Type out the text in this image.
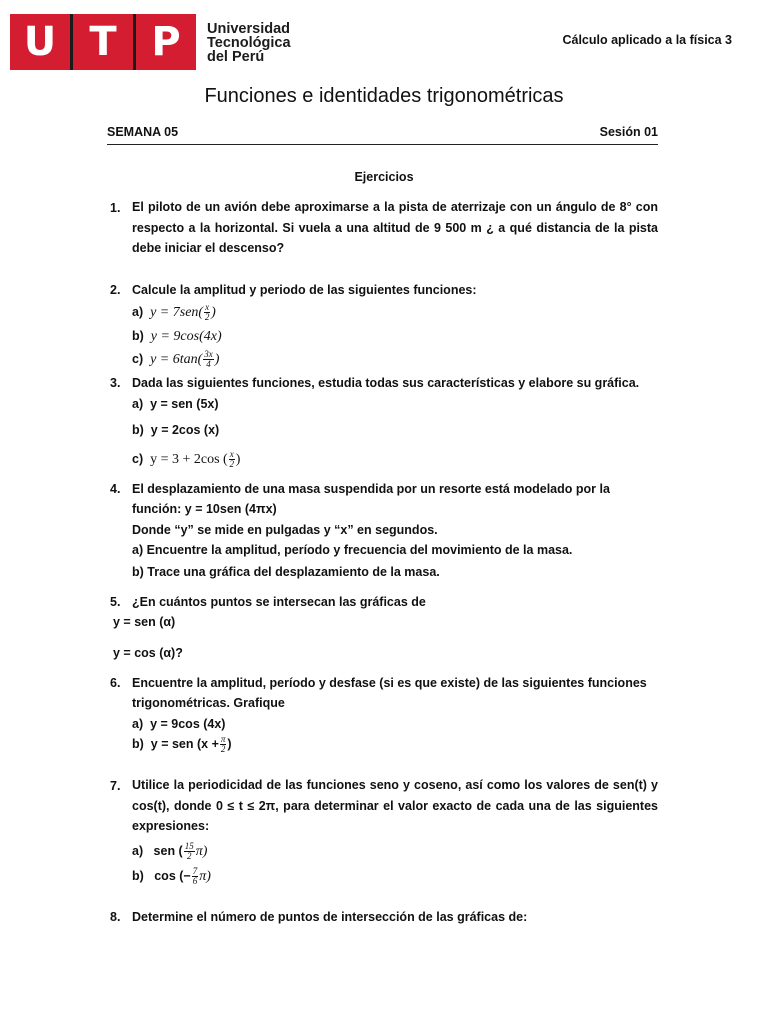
U T P	Universidad
Tecnológica
del Perú
Cálculo aplicado a la física 3
Funciones e identidades trigonométricas
SEMANA 05	Sesión 01
Ejercicios
1. El piloto de un avión debe aproximarse a la pista de aterrizaje con un ángulo de 8° con respecto a la horizontal. Si vuela a una altitud de 9 500 m ¿ a qué distancia de la pista debe iniciar el descenso?
2. Calcule la amplitud y periodo de las siguientes funciones:
a) $y = 7sen( \frac{x}{2}$ )
b) y = 9cos(4x)
c) $y = 6\tan( \frac{3x}{4}$ )
3. Dada las siguientes funciones, estudia todas sus características y elabore su gráfica.
a) y = sen (5x)
b) y = 2cos (x)
c) y = 3 + 2cos ( $\frac{x}{2}$ )
4. El desplazamiento de una masa suspendida por un resorte está modelado por la
función: y = 10sen (4πx)
Donde “y” se mide en pulgadas y “x” en segundos.
a) Encuentre la amplitud, período y frecuencia del movimiento de la masa.
b) Trace una gráfica del desplazamiento de la masa.
5. ¿En cuántos puntos se intersecan las gráficas de
y = sen (α)
y = cos (α)?
6. Encuentre la amplitud, período y desfase (si es que existe) de las siguientes funciones
trigonométricas. Grafique
a) y = 9cos (4x)
b) y = sen ($x + \frac{\pi}{2}$ )
7. Utilice la periodicidad de las funciones seno y coseno, así como los valores de sen(t) y cos(t), donde 0 ≤ t ≤ 2π, para determinar el valor exacto de cada una de las siguientes expresiones:
a) sen ( $\frac{15}{2} \pi$)
b) cos (− $\frac{7}{6} \pi$)
8. Determine el número de puntos de intersección de las gráficas de:
